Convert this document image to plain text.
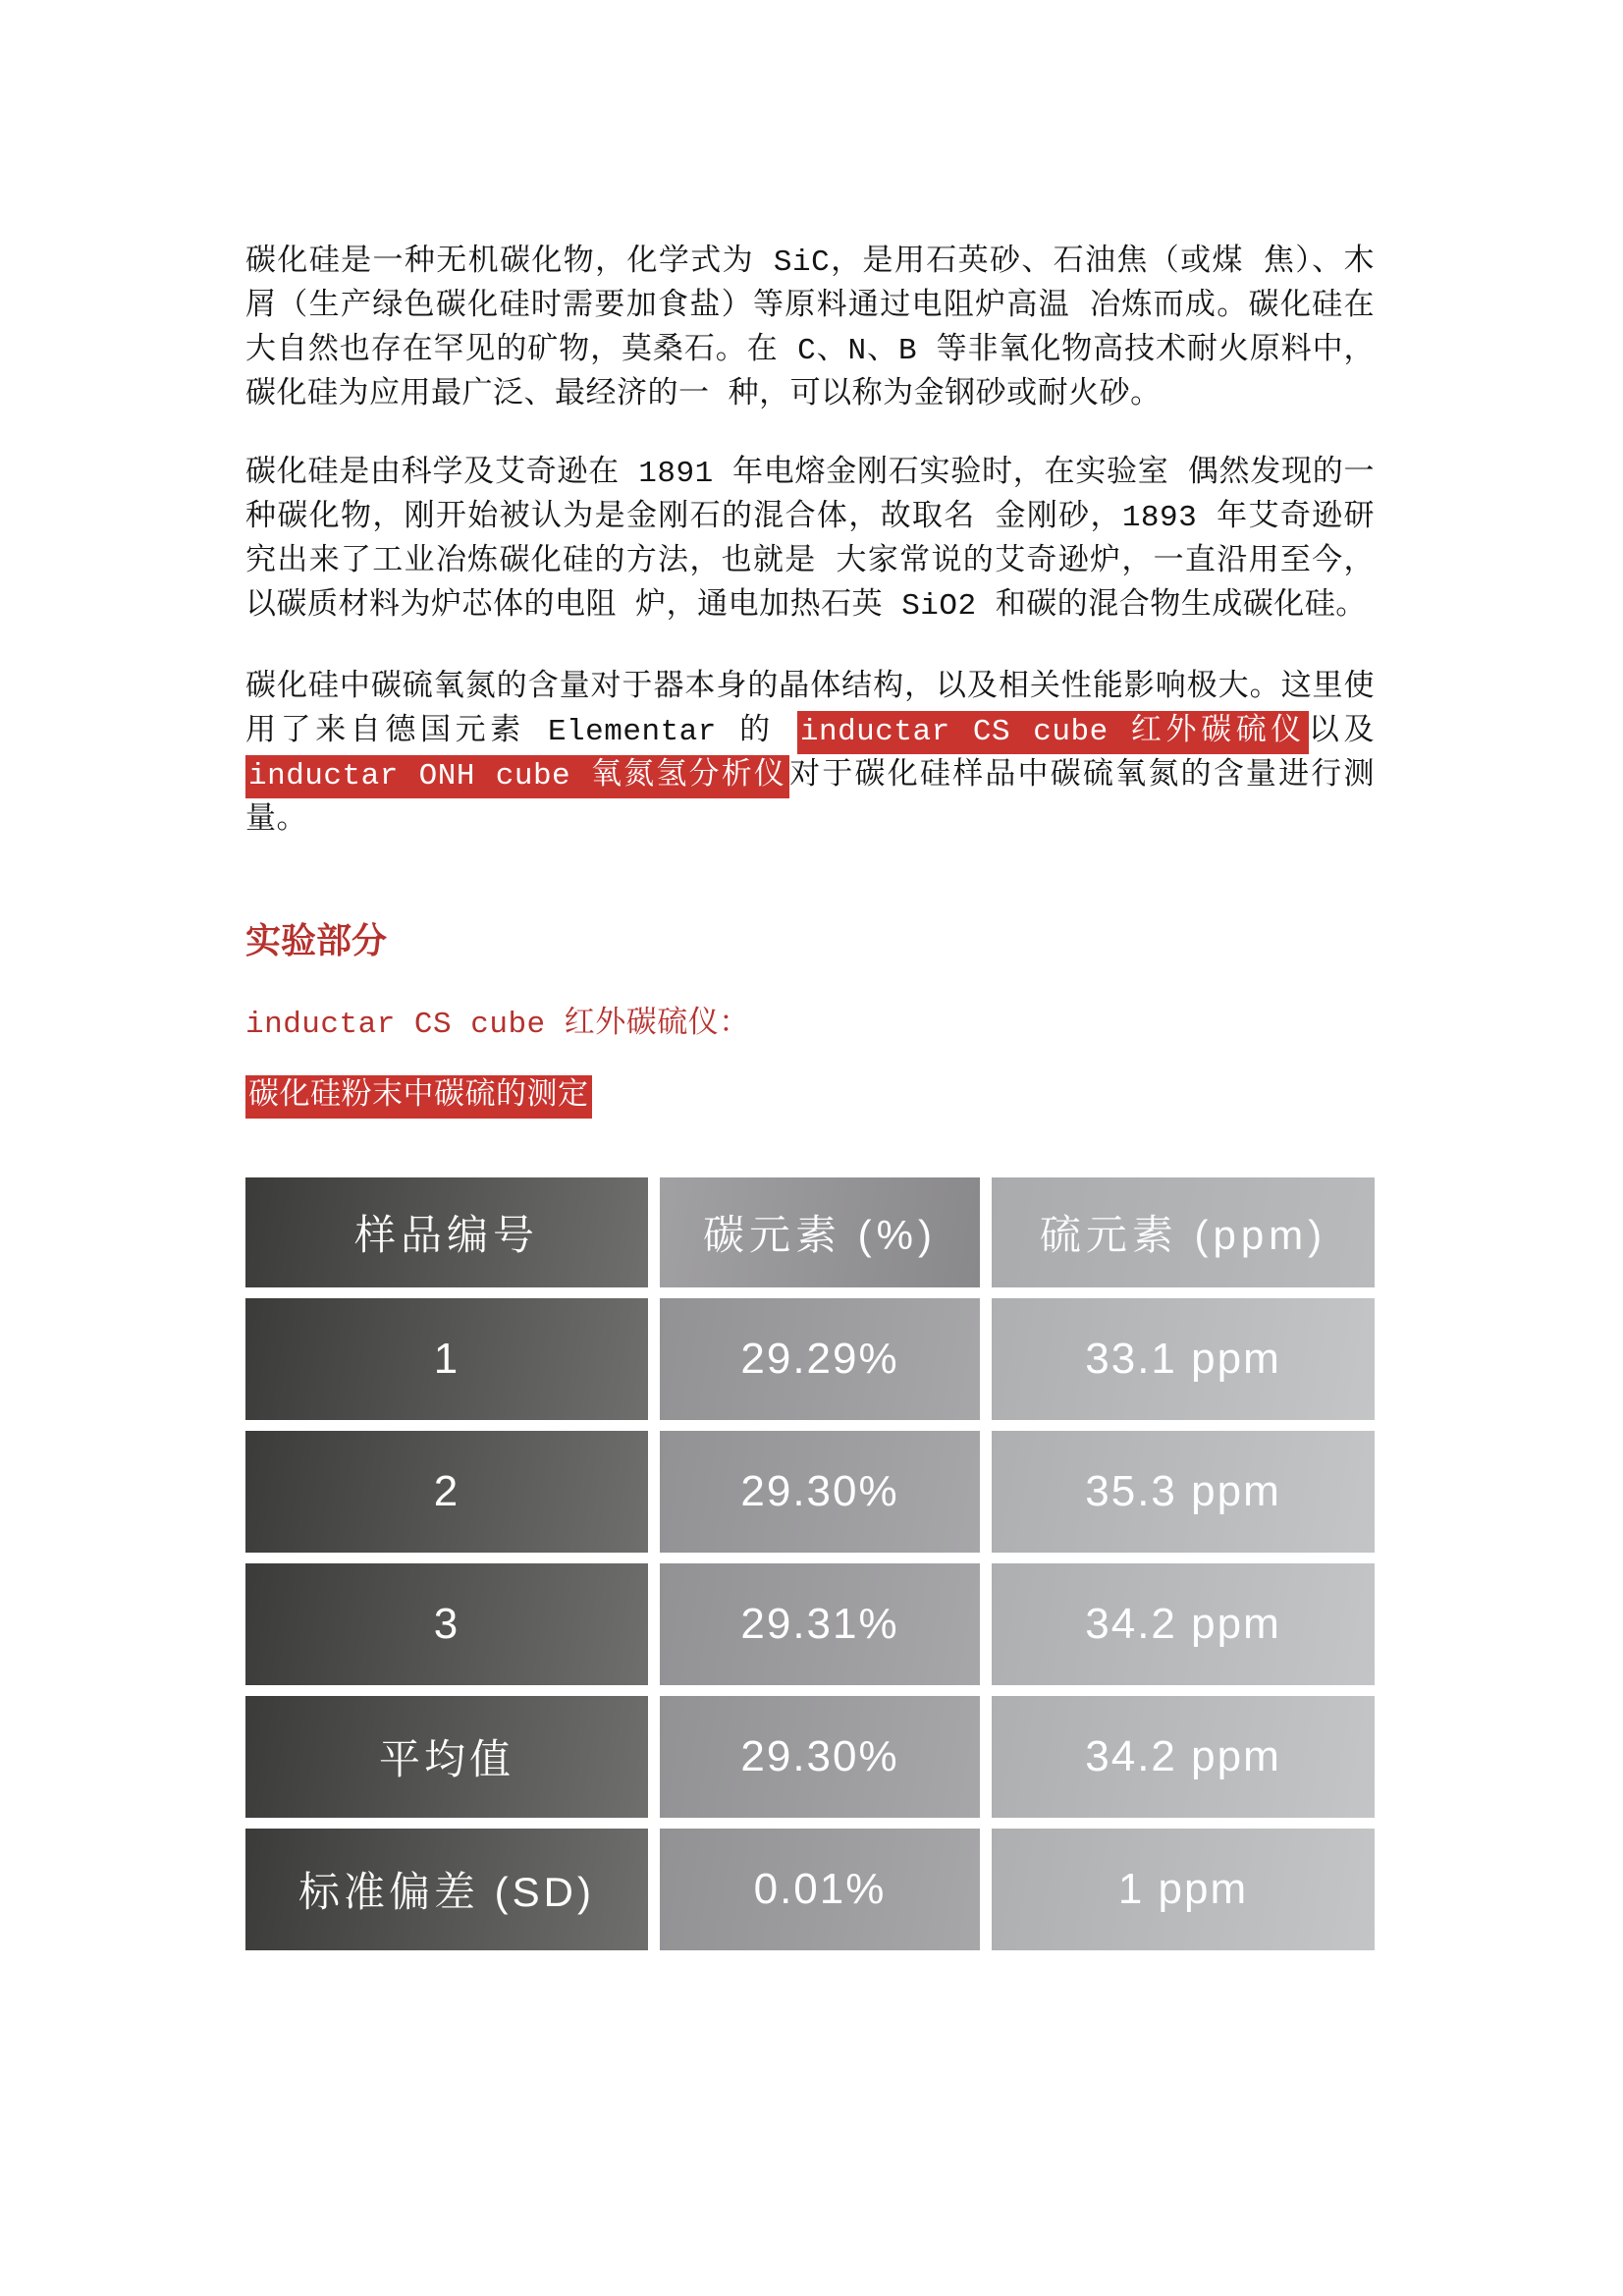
碳化硅是一种无机碳化物，化学式为 SiC，是用石英砂、石油焦（或煤 焦）、木屑（生产绿色碳化硅时需要加食盐）等原料通过电阻炉高温 冶炼而成。碳化硅在大自然也存在罕见的矿物，莫桑石。在 C、N、B 等非氧化物高技术耐火原料中，碳化硅为应用最广泛、最经济的一 种，可以称为金钢砂或耐火砂。

碳化硅是由科学及艾奇逊在 1891 年电熔金刚石实验时，在实验室 偶然发现的一种碳化物，刚开始被认为是金刚石的混合体，故取名 金刚砂，1893 年艾奇逊研究出来了工业冶炼碳化硅的方法，也就是 大家常说的艾奇逊炉，一直沿用至今，以碳质材料为炉芯体的电阻 炉，通电加热石英 SiO2 和碳的混合物生成碳化硅。

碳化硅中碳硫氧氮的含量对于器本身的晶体结构，以及相关性能影响极大。这里使用了来自德国元素 Elementar 的 inductar CS cube 红外碳硫仪以及 inductar ONH cube 氧氮氢分析仪对于碳化硅样品中碳硫氧氮的含量进行测量。

实验部分

inductar CS cube 红外碳硫仪：

碳化硅粉末中碳硫的测定

样品编号	碳元素 (%)	硫元素 (ppm)
1	29.29%	33.1 ppm
2	29.30%	35.3 ppm
3	29.31%	34.2 ppm
平均值	29.30%	34.2 ppm
标准偏差 (SD)	0.01%	1 ppm
